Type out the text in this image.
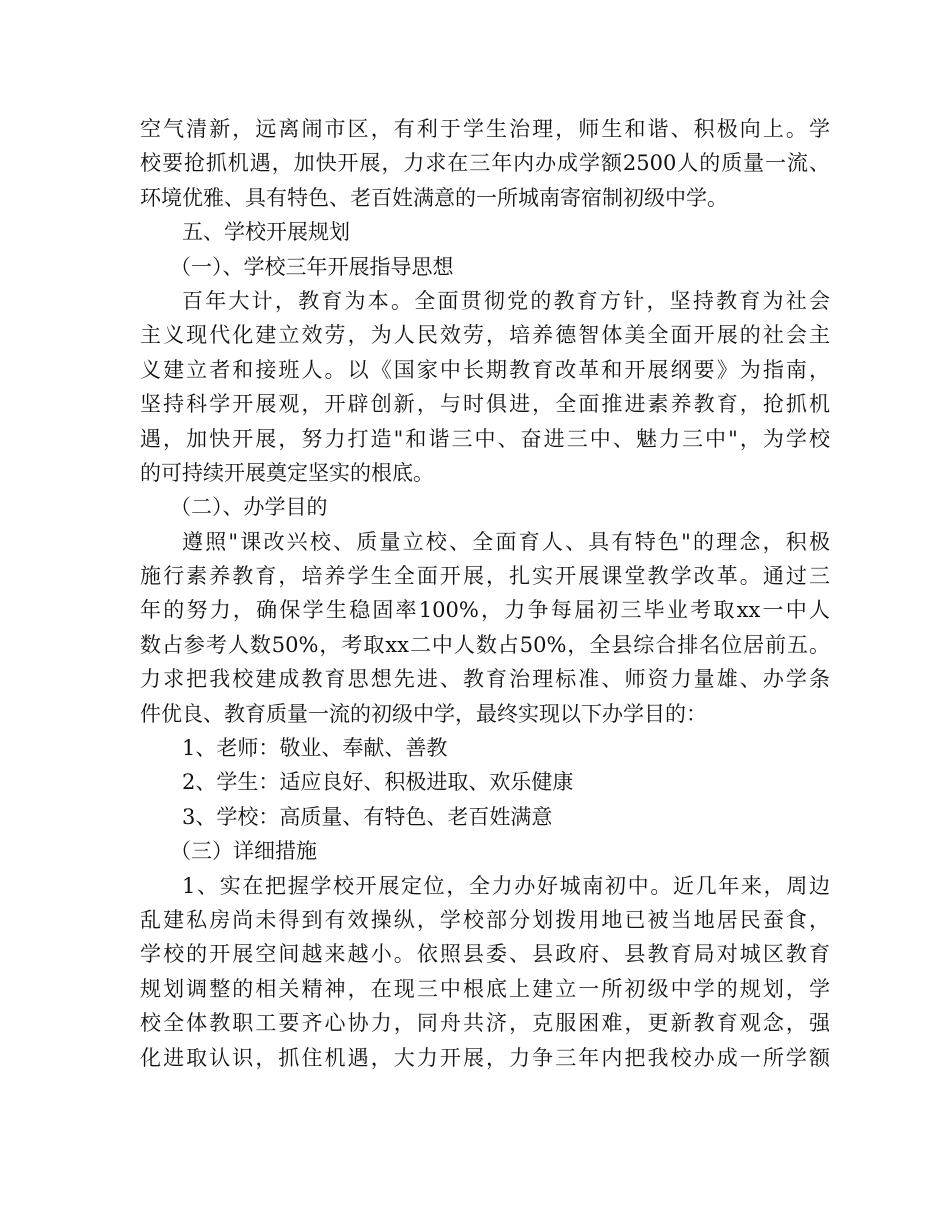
空气清新，远离闹市区，有利于学生治理，师生和谐、积极向上。学
校要抢抓机遇，加快开展，力求在三年内办成学额2500人的质量一流、
环境优雅、具有特色、老百姓满意的一所城南寄宿制初级中学。
五、学校开展规划
（一）、学校三年开展指导思想
百年大计，教育为本。全面贯彻党的教育方针，坚持教育为社会
主义现代化建立效劳，为人民效劳，培养德智体美全面开展的社会主
义建立者和接班人。以《国家中长期教育改革和开展纲要》为指南，
坚持科学开展观，开辟创新，与时俱进，全面推进素养教育，抢抓机
遇，加快开展，努力打造"和谐三中、奋进三中、魅力三中"，为学校
的可持续开展奠定坚实的根底。
（二）、办学目的
遵照"课改兴校、质量立校、全面育人、具有特色"的理念，积极
施行素养教育，培养学生全面开展，扎实开展课堂教学改革。通过三
年的努力，确保学生稳固率100%，力争每届初三毕业考取xx一中人
数占参考人数50%，考取xx二中人数占50%，全县综合排名位居前五。
力求把我校建成教育思想先进、教育治理标准、师资力量雄、办学条
件优良、教育质量一流的初级中学，最终实现以下办学目的：
1、老师：敬业、奉献、善教
2、学生：适应良好、积极进取、欢乐健康
3、学校：高质量、有特色、老百姓满意
（三）详细措施
1、实在把握学校开展定位，全力办好城南初中。近几年来，周边
乱建私房尚未得到有效操纵，学校部分划拨用地已被当地居民蚕食，
学校的开展空间越来越小。依照县委、县政府、县教育局对城区教育
规划调整的相关精神，在现三中根底上建立一所初级中学的规划，学
校全体教职工要齐心协力，同舟共济，克服困难，更新教育观念，强
化进取认识，抓住机遇，大力开展，力争三年内把我校办成一所学额
